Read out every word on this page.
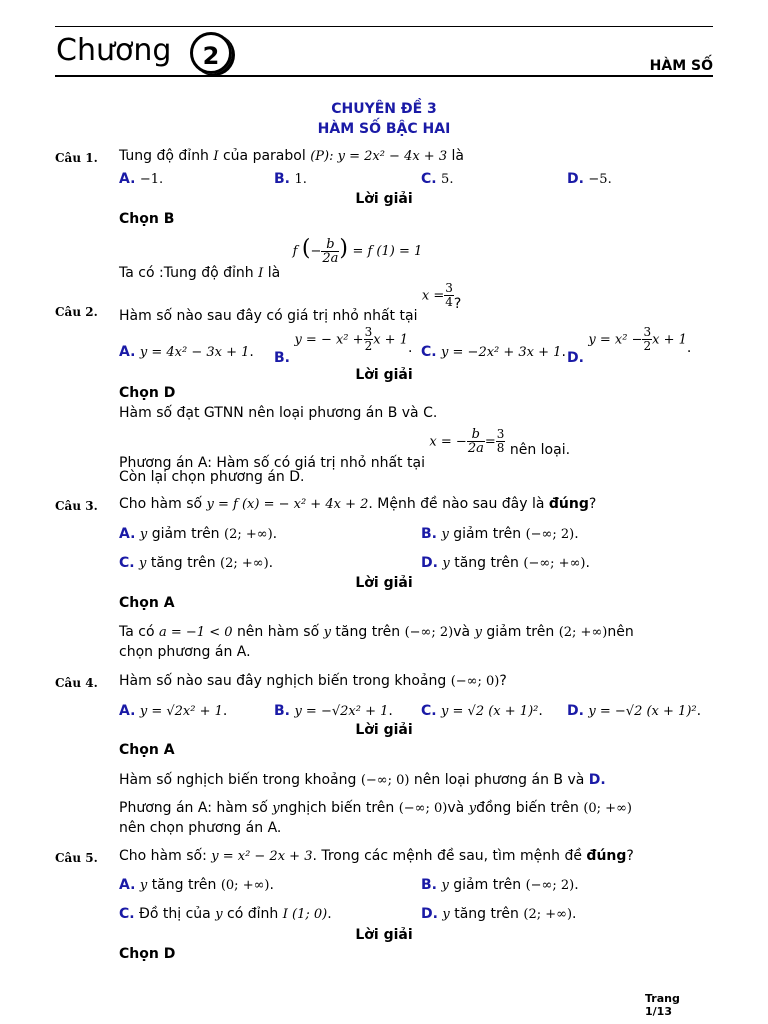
Chương	2	HÀM SỐ
CHUYÊN ĐỀ 3
HÀM SỐ BẬC HAI
Câu 1. Tung độ đỉnh I của parabol (P): y = 2x² − 4x + 3 là
A. −1.	B. 1.	C. 5.	D. −5.
Lời giải
Chọn B
Ta có :Tung độ đỉnh I là f (− $\frac{b}{2a}$ ) = f (1) = 1
Câu 2. Hàm số nào sau đây có giá trị nhỏ nhất tại $x = \frac{3}{4}$ ?
A. y = 4x² − 3x + 1. B. y = − $x^2 + \frac{3}{2}$ x + 1. C. y = −2x² + 3x + 1. D. $y = x^2 - \frac{3}{2}$ x + 1.
Lời giải
Chọn D
Hàm số đạt GTNN nên loại phương án B và C.
Phương án A: Hàm số có giá trị nhỏ nhất tại x = − $\frac{b}{2a} = \frac{3}{8}$ nên loại.
Còn lại chọn phương án D.
Câu 3. Cho hàm số y = f (x) = − x² + 4x + 2. Mệnh đề nào sau đây là đúng?
A. y giảm trên (2; +∞).	B. y giảm trên (−∞; 2).
C. y tăng trên (2; +∞).	D. y tăng trên (−∞; +∞).
Lời giải
Chọn A
Ta có a = −1 < 0 nên hàm số y tăng trên (−∞; 2)và y giảm trên (2; +∞)nên
chọn phương án A.
Câu 4. Hàm số nào sau đây nghịch biến trong khoảng (−∞; 0)?
A. y = √2x² + 1.	B. y = −√2x² + 1. C. y = √2 (x + 1)². D. y = −√2 (x + 1)².
Lời giải
Chọn A
Hàm số nghịch biến trong khoảng (−∞; 0) nên loại phương án B và D.
Phương án A: hàm số ynghịch biến trên (−∞; 0)và yđồng biến trên (0; +∞)
nên chọn phương án A.
Câu 5. Cho hàm số: y = x² − 2x + 3. Trong các mệnh đề sau, tìm mệnh đề đúng?
A. y tăng trên (0; +∞).	B. y giảm trên (−∞; 2).
C. Đồ thị của y có đỉnh I (1; 0).	D. y tăng trên (2; +∞).
Lời giải
Chọn D
Trang
1/13
